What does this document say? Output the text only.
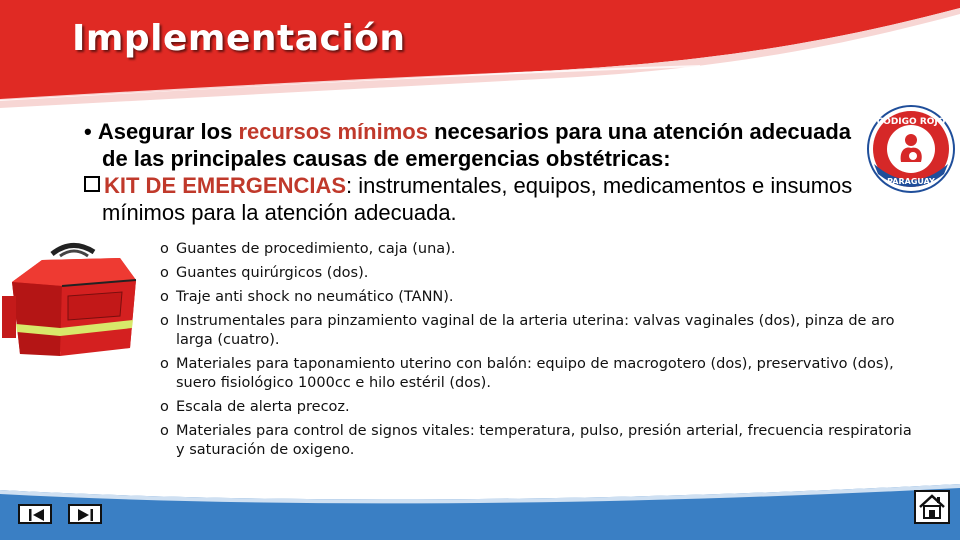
Implementación
CÓDIGO ROJO
PARAGUAY

• Asegurar los recursos mínimos necesarios para una atención adecuada de las principales causas de emergencias obstétricas:

KIT DE EMERGENCIAS: instrumentales, equipos, medicamentos e insumos mínimos para la atención adecuada.

o Guantes de procedimiento, caja (una).
o Guantes quirúrgicos (dos).
o Traje anti shock no neumático (TANN).
o Instrumentales para pinzamiento vaginal de la arteria uterina: valvas vaginales (dos), pinza de aro larga (cuatro).
o Materiales para taponamiento uterino con balón: equipo de macrogotero (dos), preservativo (dos), suero fisiológico 1000cc e hilo estéril (dos).
o Escala de alerta precoz.
o Materiales para control de signos vitales: temperatura, pulso, presión arterial, frecuencia respiratoria y saturación de oxigeno.
